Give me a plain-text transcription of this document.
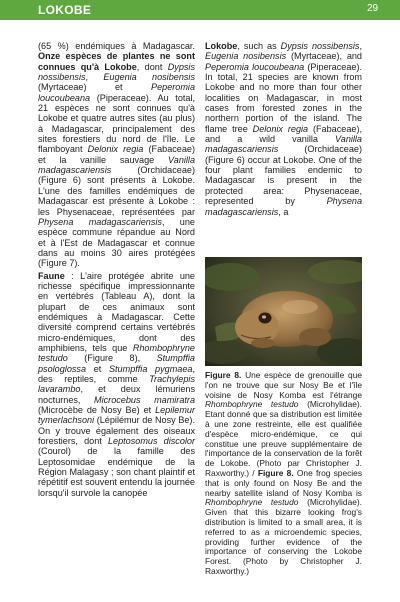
LOKOBE	29

(65 %) endémiques à Madagascar. Onze espèces de plantes ne sont connues qu'à Lokobe, dont Dypsis nossibensis, Eugenia nosibensis (Myrtaceae) et	Peperomia loucoubeana (Piperaceae). Au total, 21 espèces ne sont connues qu'à Lokobe et quatre autres sites (au plus) à Madagascar, principalement des sites forestiers du nord de l'île. Le flamboyant Delonix regia (Fabaceae) et la vanille sauvage Vanilla madagascariensis	(Orchidaceae) (Figure 6) sont présents à Lokobe. L'une des familles endémiques de Madagascar est présente à Lokobe : les Physenaceae, représentées par Physena madagascariensis, une espèce commune répandue au Nord et à l'Est de Madagascar et connue dans au moins 30 aires protégées (Figure 7).

Faune : L'aire protégée abrite une richesse spécifique impressionnante en vertébrés (Tableau A), dont la plupart de ces animaux sont endémiques à Madagascar. Cette diversité comprend certains vertébrés micro-endémiques, dont des amphibiens, tels que Rhombophryne testudo (Figure 8), Stumpffia psologlossa et Stumpffia pygmaea, des reptiles, comme Trachylepis lavarambo, et deux lémuriens nocturnes, Microcebus mamiratra (Microcèbe de Nosy Be) et Lepilemur tymerlachsoni (Lépilémur de Nosy Be). On y trouve également des oiseaux forestiers, dont Leptosomus discolor (Courol) de la famille des Leptosomidae endémique de la Région Malagasy ; son chant plaintif et répétitif est souvent entendu la journée lorsqu'il survole la canopée

Lokobe, such as Dypsis nossibensis, Eugenia nosibensis (Myrtaceae), and Peperomia loucoubeana (Piperaceae). In total, 21 species are known from Lokobe and no more than four other localities on Madagascar, in most cases from forested zones in the northern portion of the island. The flame tree Delonix regia (Fabaceae), and a wild vanilla Vanilla madagascariensis	(Orchidaceae) (Figure 6) occur at Lokobe. One of the four plant families endemic to Madagascar is present in the protected area: Physenaceae, represented by	Physena madagascariensis, a

Figure 8. Une espèce de grenouille que l'on ne trouve que sur Nosy Be et l'île voisine de Nosy Komba est l'étrange Rhombophryne testudo (Microhylidae). Etant donné que sa distribution est limitée à une zone restreinte, elle est qualifiée d'espèce micro-endémique, ce qui constitue une preuve supplémentaire de l'importance de la conservation de la forêt de Lokobe. (Photo par Christopher J. Raxworthy.) / Figure 8. One frog species that is only found on Nosy Be and the nearby satellite island of Nosy Komba is Rhombophryne testudo (Microhylidae). Given that this bizarre looking frog's distribution is limited to a small area, it is referred to as a microendemic species, providing further evidence of the importance of conserving the Lokobe Forest. (Photo by Christopher J. Raxworthy.)
